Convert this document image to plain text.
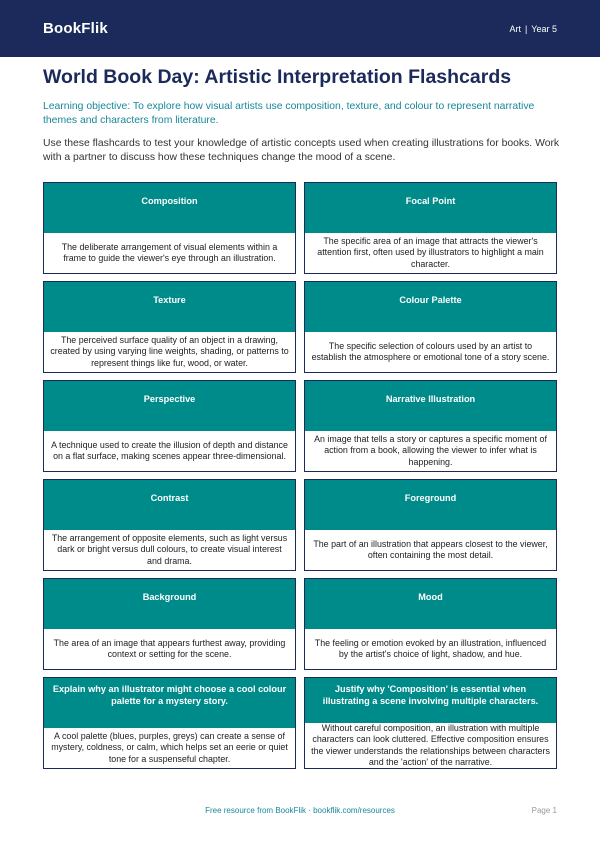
BookFlik	Art | Year 5
World Book Day: Artistic Interpretation Flashcards

Learning objective: To explore how visual artists use composition, texture, and colour to represent narrative themes and characters from literature.

Use these flashcards to test your knowledge of artistic concepts used when creating illustrations for books. Work with a partner to discuss how these techniques change the mood of a scene.

Composition
The deliberate arrangement of visual elements within a frame to guide the viewer's eye through an illustration.
Focal Point
The specific area of an image that attracts the viewer's attention first, often used by illustrators to highlight a main character.
Texture
The perceived surface quality of an object in a drawing, created by using varying line weights, shading, or patterns to represent things like fur, wood, or water.
Colour Palette
The specific selection of colours used by an artist to establish the atmosphere or emotional tone of a story scene.
Perspective
A technique used to create the illusion of depth and distance on a flat surface, making scenes appear three-dimensional.
Narrative Illustration
An image that tells a story or captures a specific moment of action from a book, allowing the viewer to infer what is happening.
Contrast
The arrangement of opposite elements, such as light versus dark or bright versus dull colours, to create visual interest and drama.
Foreground
The part of an illustration that appears closest to the viewer, often containing the most detail.
Background
The area of an image that appears furthest away, providing context or setting for the scene.
Mood
The feeling or emotion evoked by an illustration, influenced by the artist's choice of light, shadow, and hue.
Explain why an illustrator might choose a cool colour palette for a mystery story.
A cool palette (blues, purples, greys) can create a sense of mystery, coldness, or calm, which helps set an eerie or quiet tone for a suspenseful chapter.
Justify why 'Composition' is essential when illustrating a scene involving multiple characters.
Without careful composition, an illustration with multiple characters can look cluttered. Effective composition ensures the viewer understands the relationships between characters and the 'action' of the narrative.
Free resource from BookFlik · bookflik.com/resources	Page 1
